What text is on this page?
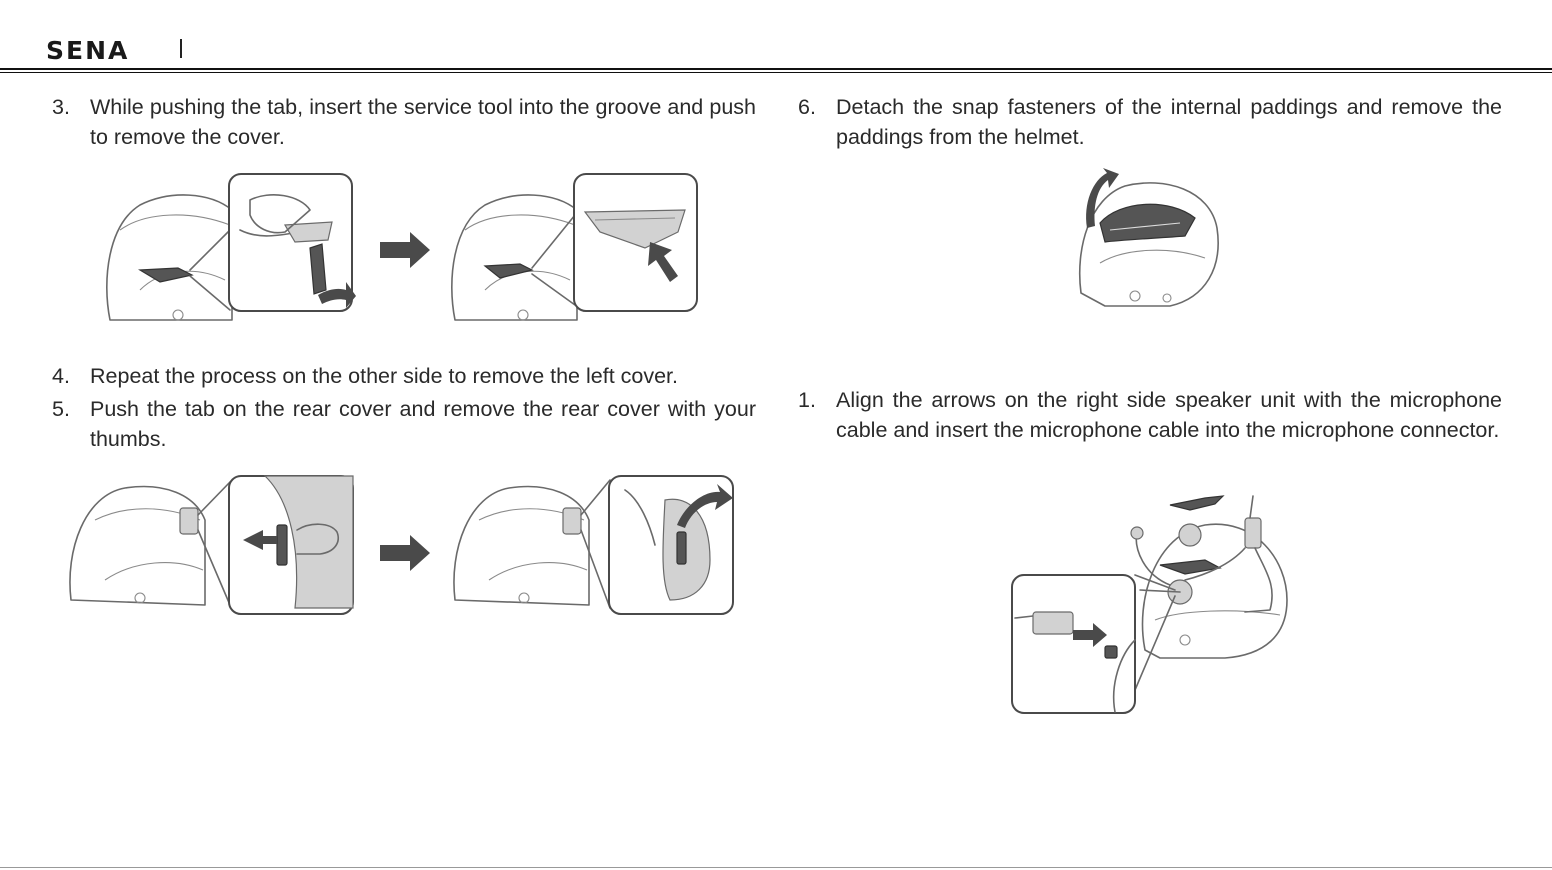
SENA
3. While pushing the tab, insert the service tool into the groove and push to remove the cover.
4. Repeat the process on the other side to remove the left cover.
5. Push the tab on the rear cover and remove the rear cover with your thumbs.
6. Detach the snap fasteners of the internal paddings and remove the paddings from the helmet.
1. Align the arrows on the right side speaker unit with the microphone cable and insert the microphone cable into the microphone connector.
